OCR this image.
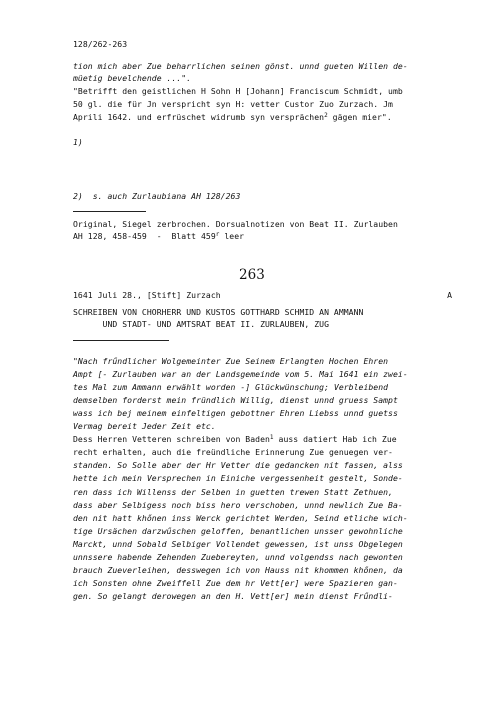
128/262-263
tion mich aber Zue beharrlichen seinen gönst. unnd gueten Willen de-
müetig bevelchende ...".
"Betrifft den geistlichen H Sohn H [Johann] Franciscum Schmidt, umb
50 gl. die für Jn verspricht syn H: vetter Custor Zuo Zurzach. Jm
Aprili 1642. und erfrüschet widrumb syn versprächen$^2$ gägen mier".
1)
2)  s. auch Zurlaubiana AH 128/263
Original, Siegel zerbrochen. Dorsualnotizen von Beat II. Zurlauben
AH 128, 458-459  -  Blatt 459$^r$ leer
263
1641 Juli 28., [Stift] Zurzach	A
SCHREIBEN VON CHORHERR UND KUSTOS GOTTHARD SCHMID AN AMMANN
UND STADT- UND AMTSRAT BEAT II. ZURLAUBEN, ZUG
"Nach frűndlicher Wolgemeinter Zue Seinem Erlangten Hochen Ehren
Ampt [- Zurlauben war an der Landsgemeinde vom 5. Mai 1641 ein zwei-
tes Mal zum Ammann erwählt worden -] Glückwünschung; Verbleibend
demselben forderst mein fründlich Willig, dienst unnd gruess Sampt
wass ich bej meinem einfeltigen gebottner Ehren Liebss unnd guetss
Vermag bereit Jeder Zeit etc.
Dess Herren Vetteren schreiben von Baden$^1$ auss datiert Hab ich Zue
recht erhalten, auch die freündliche Erinnerung Zue genuegen ver-
standen. So Solle aber der Hr Vetter die gedancken nit fassen, alss
hette ich mein Versprechen in Einiche vergessenheit gestelt, Sonde-
ren dass ich Willenss der Selben in guetten trewen Statt Zethuen,
dass aber Selbigess noch biss hero verschoben, unnd newlich Zue Ba-
den nit hatt khőnen inss Werck gerichtet Werden, Seind etliche wich-
tige Ursächen darzwűschen geloffen, benantlichen unsser gewohnliche
Marckt, unnd Sobald Selbiger Vollendet gewessen, ist unss Obgelegen
unnssere habende Zehenden Zuebereyten, unnd volgendss nach gewonten
brauch Zueverleihen, desswegen ich von Hauss nit khommen khőnen, da
ich Sonsten ohne Zweiffell Zue dem hr Vett[er] were Spazieren gan-
gen. So gelangt derowegen an den H. Vett[er] mein dienst Frűndli-
